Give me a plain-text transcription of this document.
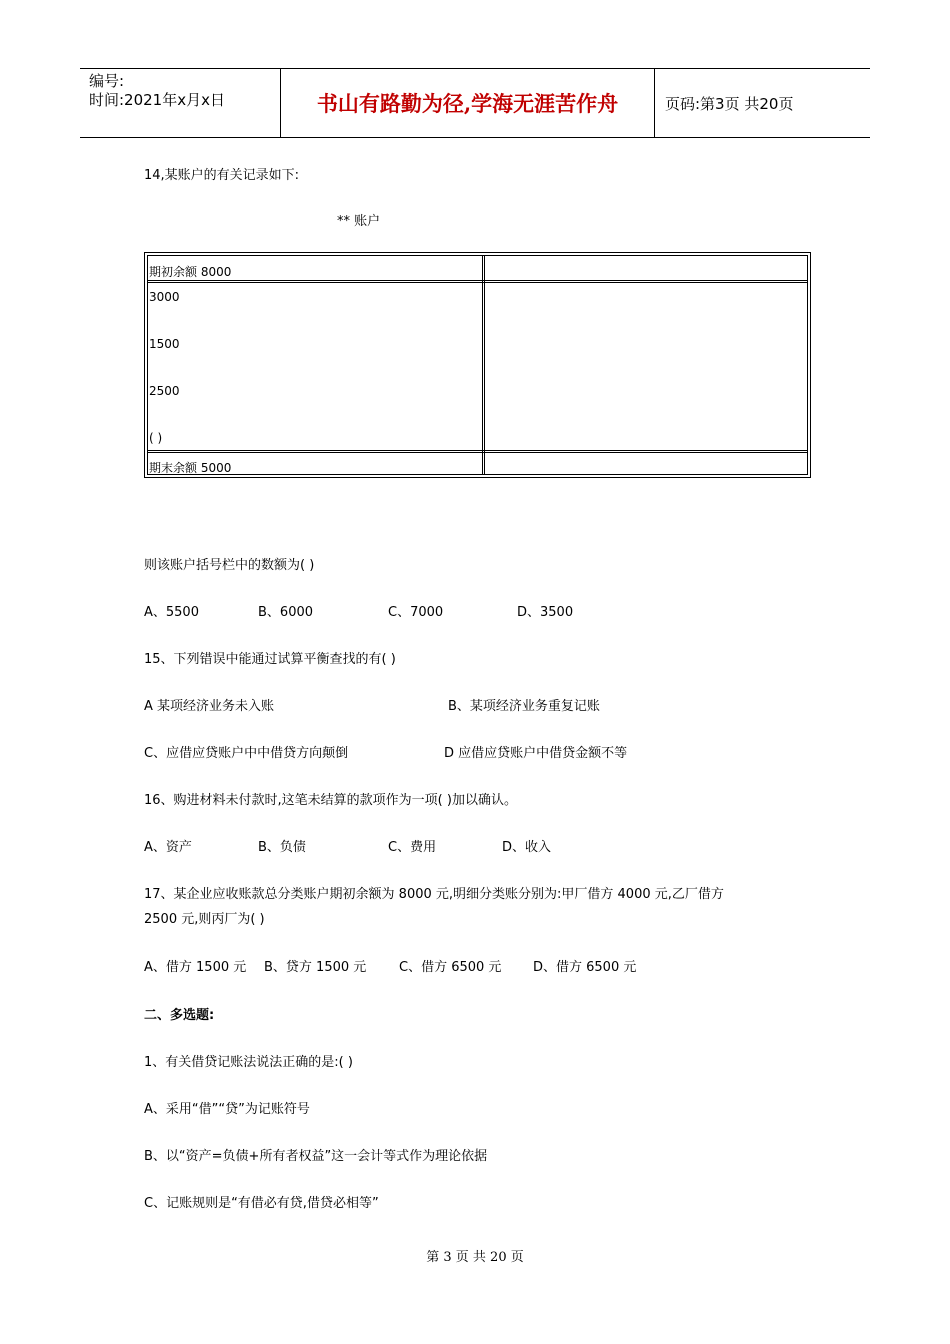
编号:
时间:2021年x月x日	书山有路勤为径,学海无涯苦作舟	页码:第3页 共20页
14,某账户的有关记录如下:
** 账户
期初余额 8000
3000
1500
2500
( )
期末余额 5000
则该账户括号栏中的数额为( )
A、5500	B、6000	C、7000	D、3500
15、下列错误中能通过试算平衡查找的有( )
A 某项经济业务未入账	B、某项经济业务重复记账
C、应借应贷账户中中借贷方向颠倒	D 应借应贷账户中借贷金额不等
16、购进材料未付款时,这笔未结算的款项作为一项( )加以确认。
A、资产	B、负债	C、费用	D、收入
17、某企业应收账款总分类账户期初余额为 8000 元,明细分类账分别为:甲厂借方 4000 元,乙厂借方
2500 元,则丙厂为( )
A、借方 1500 元 B、贷方 1500 元	C、借方 6500 元 D、借方 6500 元
二、多选题:
1、有关借贷记账法说法正确的是:( )
A、采用“借”“贷”为记账符号
B、以“资产=负债+所有者权益”这一会计等式作为理论依据
C、记账规则是“有借必有贷,借贷必相等”
第 3 页 共 20 页
